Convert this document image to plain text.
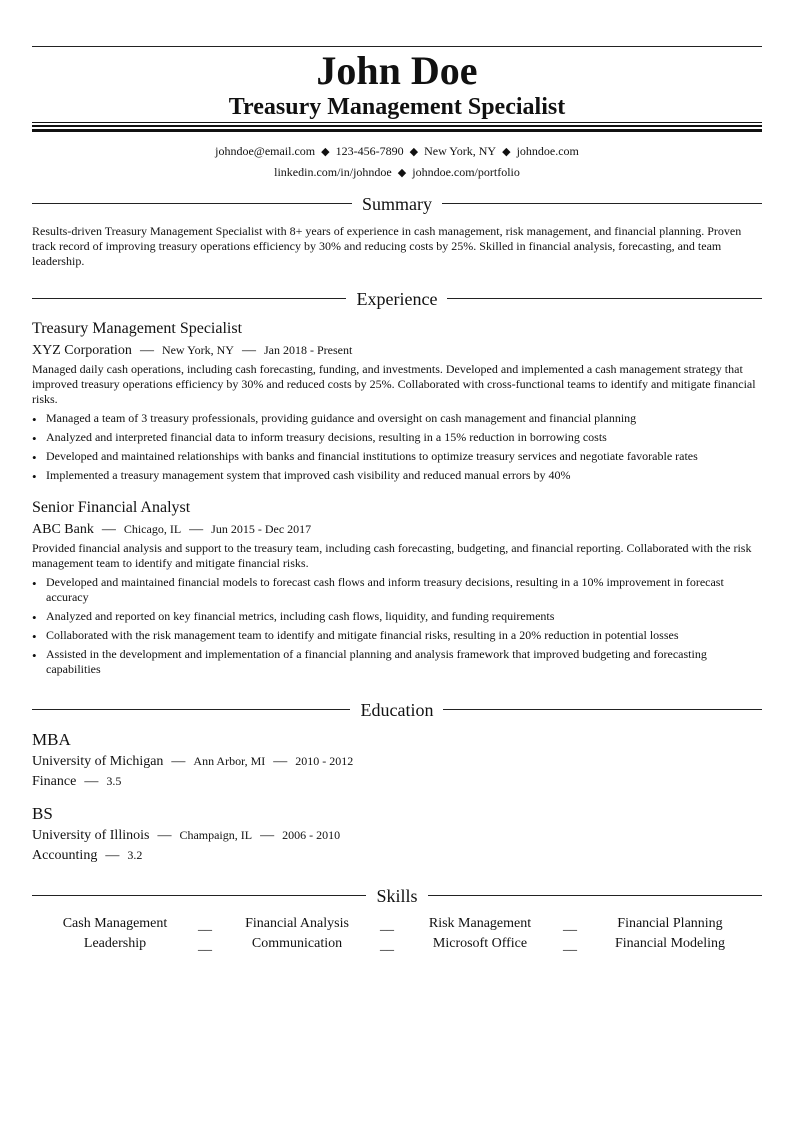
John Doe
Treasury Management Specialist
johndoe@email.com ◆ 123-456-7890 ◆ New York, NY ◆ johndoe.com
linkedin.com/in/johndoe ◆ johndoe.com/portfolio
Summary
Results-driven Treasury Management Specialist with 8+ years of experience in cash management, risk management, and financial planning. Proven track record of improving treasury operations efficiency by 30% and reducing costs by 25%. Skilled in financial analysis, forecasting, and team leadership.
Experience
Treasury Management Specialist
XYZ Corporation — New York, NY — Jan 2018 - Present
Managed daily cash operations, including cash forecasting, funding, and investments. Developed and implemented a cash management strategy that improved treasury operations efficiency by 30% and reduced costs by 25%. Collaborated with cross-functional teams to identify and mitigate financial risks.
• Managed a team of 3 treasury professionals, providing guidance and oversight on cash management and financial planning
• Analyzed and interpreted financial data to inform treasury decisions, resulting in a 15% reduction in borrowing costs
• Developed and maintained relationships with banks and financial institutions to optimize treasury services and negotiate favorable rates
• Implemented a treasury management system that improved cash visibility and reduced manual errors by 40%
Senior Financial Analyst
ABC Bank — Chicago, IL — Jun 2015 - Dec 2017
Provided financial analysis and support to the treasury team, including cash forecasting, budgeting, and financial reporting. Collaborated with the risk management team to identify and mitigate financial risks.
• Developed and maintained financial models to forecast cash flows and inform treasury decisions, resulting in a 10% improvement in forecast accuracy
• Analyzed and reported on key financial metrics, including cash flows, liquidity, and funding requirements
• Collaborated with the risk management team to identify and mitigate financial risks, resulting in a 20% reduction in potential losses
• Assisted in the development and implementation of a financial planning and analysis framework that improved budgeting and forecasting capabilities
Education
MBA
University of Michigan — Ann Arbor, MI — 2010 - 2012
Finance — 3.5
BS
University of Illinois — Champaign, IL — 2006 - 2010
Accounting — 3.2
Skills
Cash Management	__	Financial Analysis	__	Risk Management	__	Financial Planning
Leadership	__	Communication	__	Microsoft Office	__	Financial Modeling
